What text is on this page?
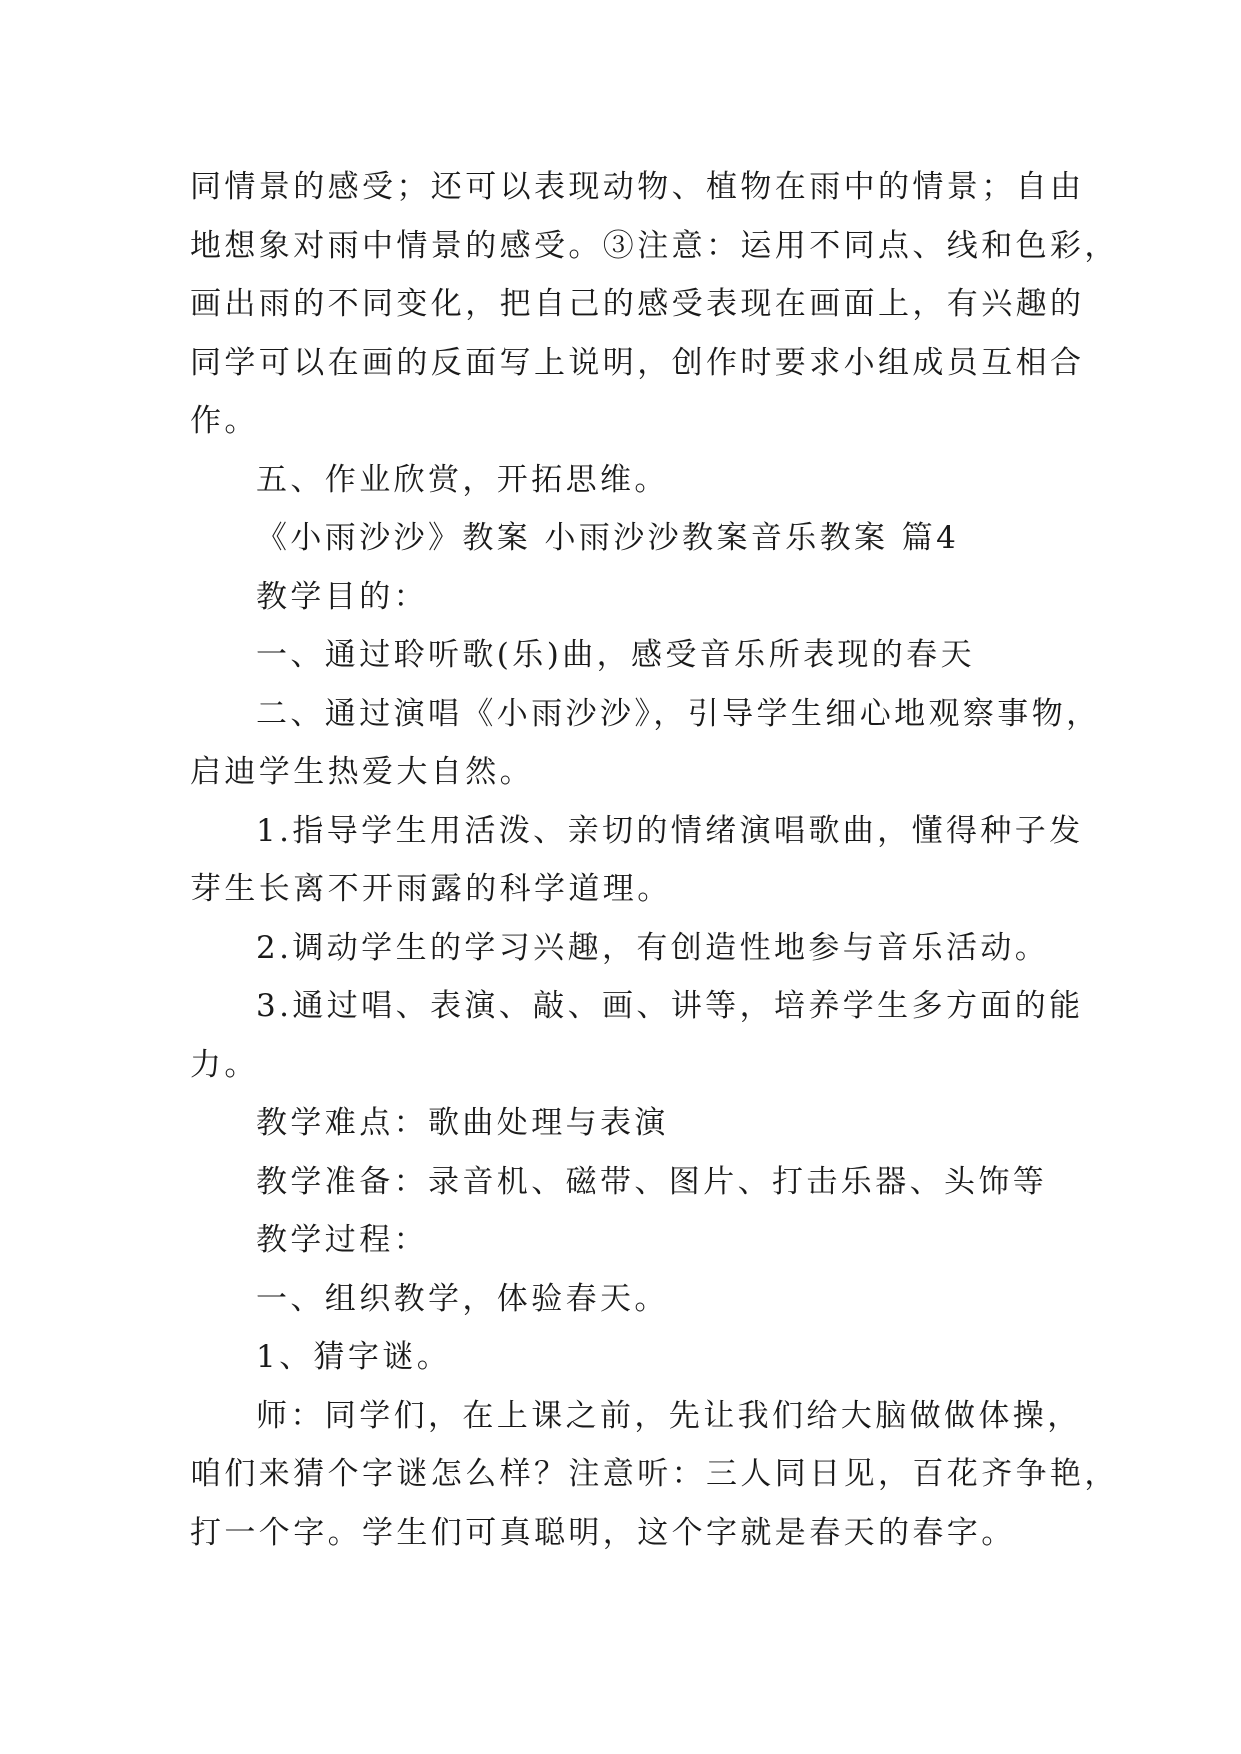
同情景的感受；还可以表现动物、植物在雨中的情景；自由
地想象对雨中情景的感受。③注意：运用不同点、线和色彩，
画出雨的不同变化，把自己的感受表现在画面上，有兴趣的
同学可以在画的反面写上说明，创作时要求小组成员互相合
作。
五、作业欣赏，开拓思维。
《小雨沙沙》教案 小雨沙沙教案音乐教案 篇4
教学目的：
一、通过聆听歌(乐)曲，感受音乐所表现的春天
二、通过演唱《小雨沙沙》，引导学生细心地观察事物，
启迪学生热爱大自然。
1.指导学生用活泼、亲切的情绪演唱歌曲，懂得种子发
芽生长离不开雨露的科学道理。
2.调动学生的学习兴趣，有创造性地参与音乐活动。
3.通过唱、表演、敲、画、讲等，培养学生多方面的能
力。
教学难点：歌曲处理与表演
教学准备：录音机、磁带、图片、打击乐器、头饰等
教学过程：
一、组织教学，体验春天。
1、猜字谜。
师：同学们，在上课之前，先让我们给大脑做做体操，
咱们来猜个字谜怎么样？注意听：三人同日见，百花齐争艳，
打一个字。学生们可真聪明，这个字就是春天的春字。
